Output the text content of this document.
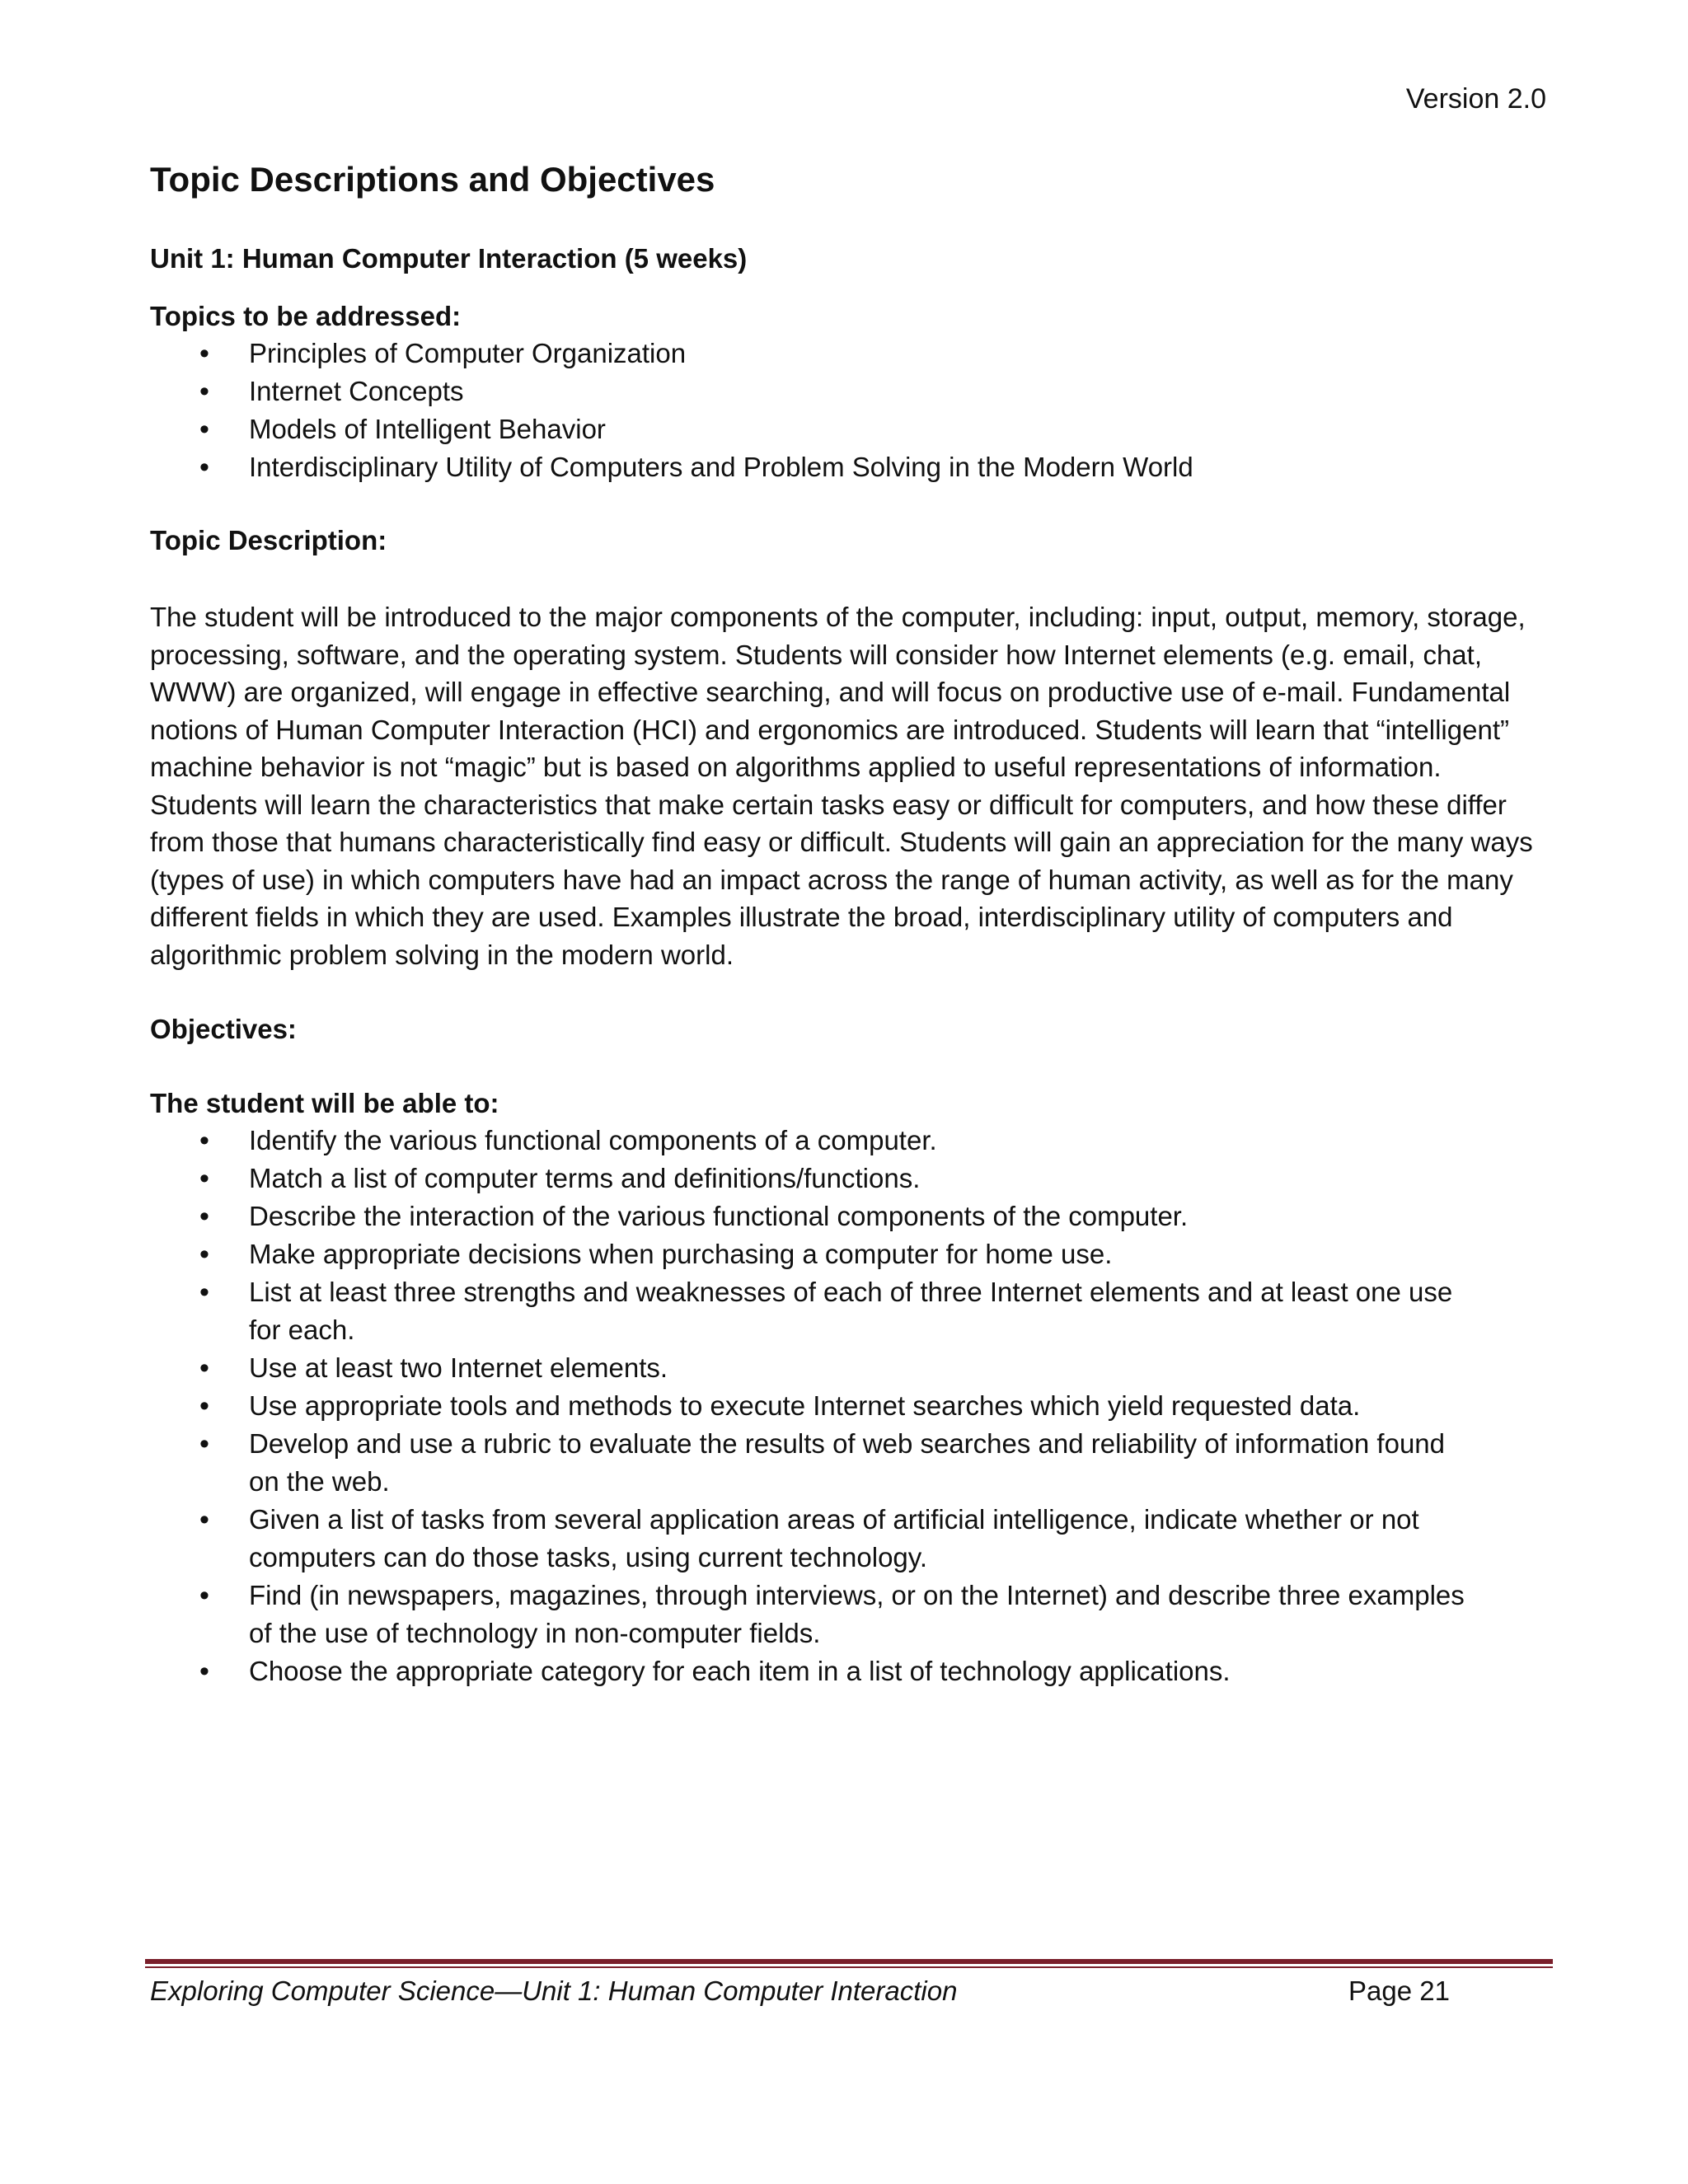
Version 2.0
Topic Descriptions and Objectives
Unit 1: Human Computer Interaction (5 weeks)
Topics to be addressed:
• Principles of Computer Organization
• Internet Concepts
• Models of Intelligent Behavior
• Interdisciplinary Utility of Computers and Problem Solving in the Modern World
Topic Description:

The student will be introduced to the major components of the computer, including: input, output, memory, storage, processing, software, and the operating system. Students will consider how Internet elements (e.g. email, chat, WWW) are organized, will engage in effective searching, and will focus on productive use of e-mail. Fundamental notions of Human Computer Interaction (HCI) and ergonomics are introduced. Students will learn that “intelligent” machine behavior is not “magic” but is based on algorithms applied to useful representations of information. Students will learn the characteristics that make certain tasks easy or difficult for computers, and how these differ from those that humans characteristically find easy or difficult. Students will gain an appreciation for the many ways (types of use) in which computers have had an impact across the range of human activity, as well as for the many different fields in which they are used. Examples illustrate the broad, interdisciplinary utility of computers and algorithmic problem solving in the modern world.

Objectives:
The student will be able to:
• Identify the various functional components of a computer.
• Match a list of computer terms and definitions/functions.
• Describe the interaction of the various functional components of the computer.
• Make appropriate decisions when purchasing a computer for home use.
• List at least three strengths and weaknesses of each of three Internet elements and at least one use for each.
• Use at least two Internet elements.
• Use appropriate tools and methods to execute Internet searches which yield requested data.
• Develop and use a rubric to evaluate the results of web searches and reliability of information found on the web.
• Given a list of tasks from several application areas of artificial intelligence, indicate whether or not computers can do those tasks, using current technology.
• Find (in newspapers, magazines, through interviews, or on the Internet) and describe three examples of the use of technology in non-computer fields.
• Choose the appropriate category for each item in a list of technology applications.
Exploring Computer Science—Unit 1: Human Computer Interaction	Page 21
